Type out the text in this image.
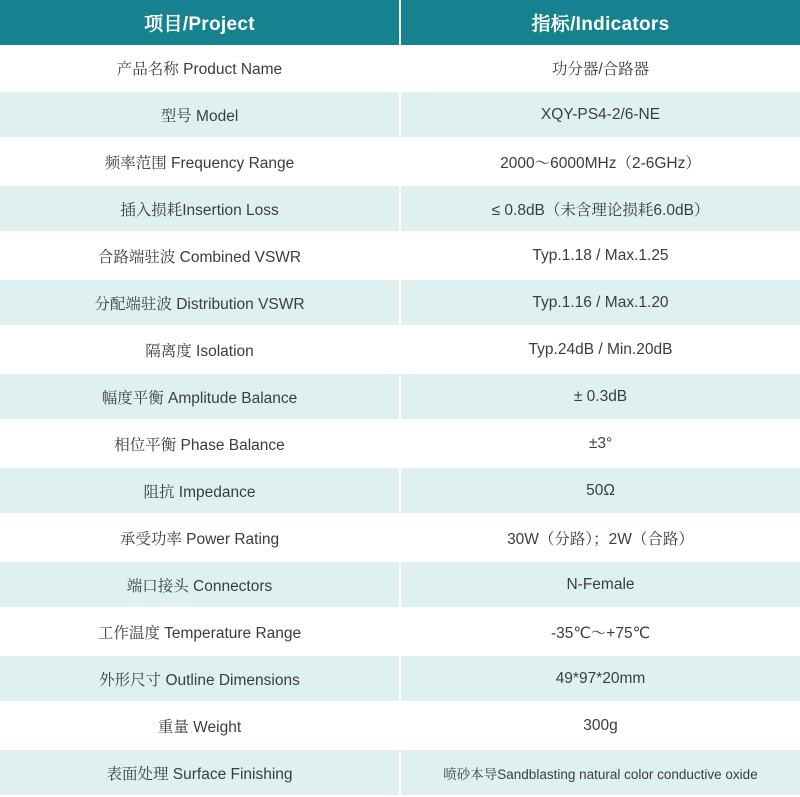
项目/Project	指标/Indicators
产品名称 Product Name	功分器/合路器
型号 Model	XQY-PS4-2/6-NE
频率范围 Frequency Range	2000～6000MHz（2-6GHz）
插入损耗Insertion Loss	≤ 0.8dB（未含理论损耗6.0dB）
合路端驻波 Combined VSWR	Typ.1.18 / Max.1.25
分配端驻波 Distribution VSWR	Typ.1.16 / Max.1.20
隔离度 Isolation	Typ.24dB / Min.20dB
幅度平衡 Amplitude Balance	± 0.3dB
相位平衡 Phase Balance	±3°
阻抗 Impedance	50Ω
承受功率 Power Rating	30W（分路）；2W（合路）
端口接头 Connectors	N-Female
工作温度 Temperature Range	-35℃～+75℃
外形尺寸 Outline Dimensions	49*97*20mm
重量 Weight	300g
表面处理 Surface Finishing	喷砂本导Sandblasting natural color conductive oxide
